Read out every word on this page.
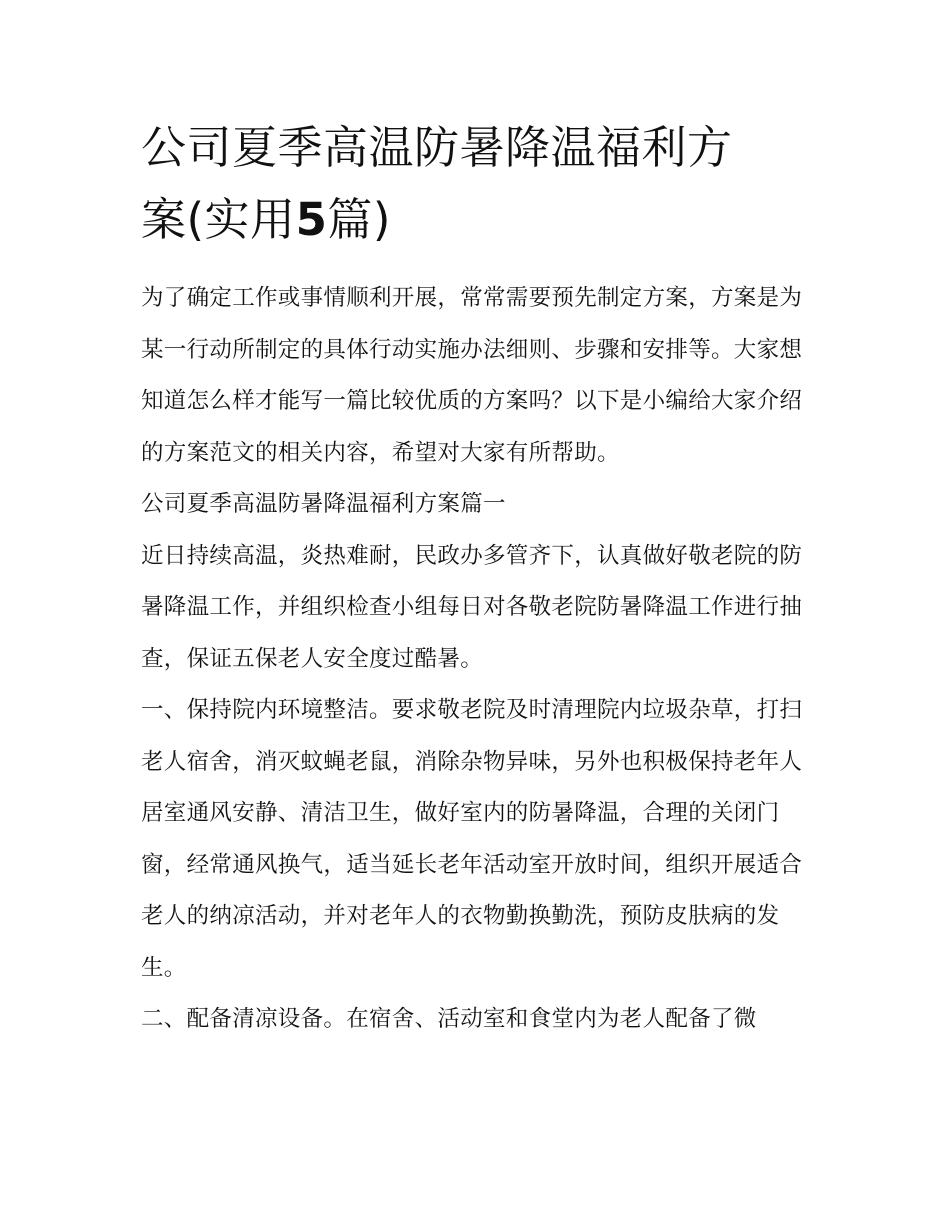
公司夏季高温防暑降温福利方
案(实用5篇)

为了确定工作或事情顺利开展，常常需要预先制定方案，方案是为某一行动所制定的具体行动实施办法细则、步骤和安排等。大家想知道怎么样才能写一篇比较优质的方案吗？以下是小编给大家介绍的方案范文的相关内容，希望对大家有所帮助。

公司夏季高温防暑降温福利方案篇一

近日持续高温，炎热难耐，民政办多管齐下，认真做好敬老院的防暑降温工作，并组织检查小组每日对各敬老院防暑降温工作进行抽查，保证五保老人安全度过酷暑。

一、保持院内环境整洁。要求敬老院及时清理院内垃圾杂草，打扫老人宿舍，消灭蚊蝇老鼠，消除杂物异味，另外也积极保持老年人居室通风安静、清洁卫生，做好室内的防暑降温，合理的关闭门窗，经常通风换气，适当延长老年活动室开放时间，组织开展适合老人的纳凉活动，并对老年人的衣物勤换勤洗，预防皮肤病的发生。

二、配备清凉设备。在宿舍、活动室和食堂内为老人配备了微
